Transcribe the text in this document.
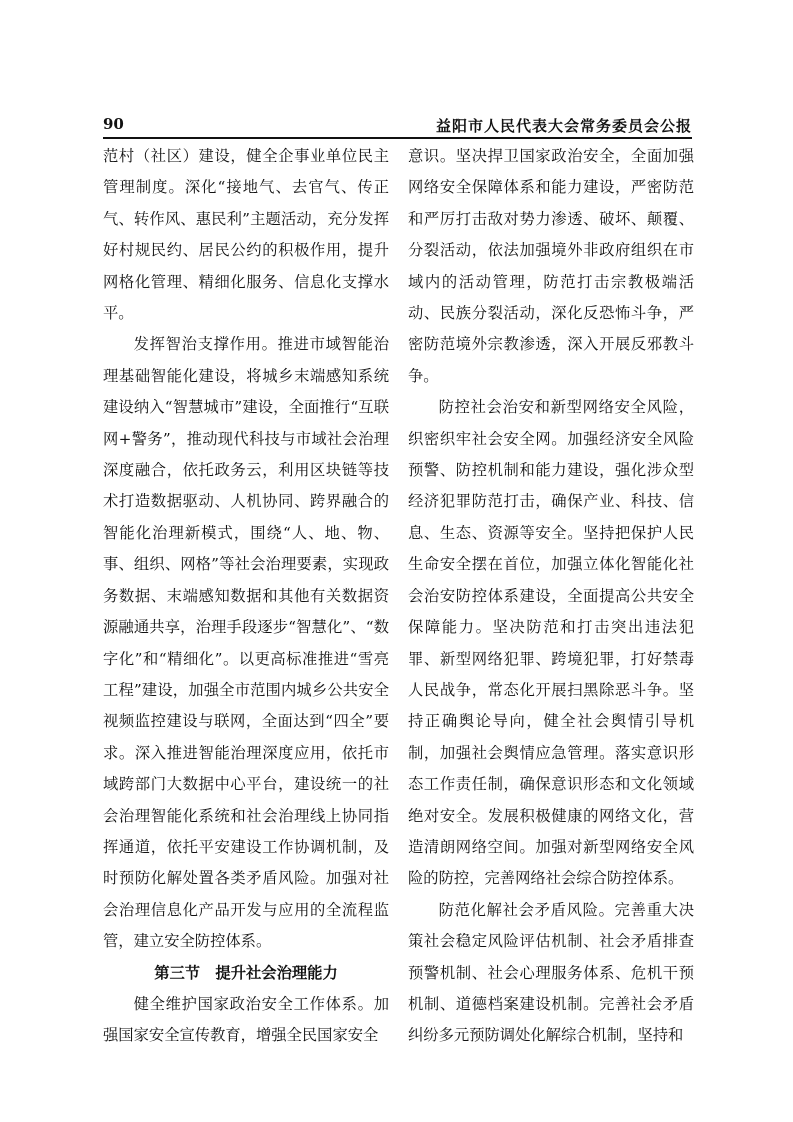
90	益阳市人民代表大会常务委员会公报

范村（社区）建设，健全企事业单位民主管理制度。深化“接地气、去官气、传正气、转作风、惠民利”主题活动，充分发挥好村规民约、居民公约的积极作用，提升网格化管理、精细化服务、信息化支撑水平。

发挥智治支撑作用。推进市域智能治理基础智能化建设，将城乡末端感知系统建设纳入“智慧城市”建设，全面推行“互联网+警务”，推动现代科技与市域社会治理深度融合，依托政务云，利用区块链等技术打造数据驱动、人机协同、跨界融合的智能化治理新模式，围绕“人、地、物、事、组织、网格”等社会治理要素，实现政务数据、末端感知数据和其他有关数据资源融通共享，治理手段逐步“智慧化”、“数字化”和“精细化”。以更高标准推进“雪亮工程”建设，加强全市范围内城乡公共安全视频监控建设与联网，全面达到“四全”要求。深入推进智能治理深度应用，依托市域跨部门大数据中心平台，建设统一的社会治理智能化系统和社会治理线上协同指挥通道，依托平安建设工作协调机制，及时预防化解处置各类矛盾风险。加强对社会治理信息化产品开发与应用的全流程监管，建立安全防控体系。

第三节　提升社会治理能力

健全维护国家政治安全工作体系。加强国家安全宣传教育，增强全民国家安全

意识。坚决捍卫国家政治安全，全面加强网络安全保障体系和能力建设，严密防范和严厉打击敌对势力渗透、破坏、颠覆、分裂活动，依法加强境外非政府组织在市域内的活动管理，防范打击宗教极端活动、民族分裂活动，深化反恐怖斗争，严密防范境外宗教渗透，深入开展反邪教斗争。

防控社会治安和新型网络安全风险，织密织牢社会安全网。加强经济安全风险预警、防控机制和能力建设，强化涉众型经济犯罪防范打击，确保产业、科技、信息、生态、资源等安全。坚持把保护人民生命安全摆在首位，加强立体化智能化社会治安防控体系建设，全面提高公共安全保障能力。坚决防范和打击突出违法犯罪、新型网络犯罪、跨境犯罪，打好禁毒人民战争，常态化开展扫黑除恶斗争。坚持正确舆论导向，健全社会舆情引导机制，加强社会舆情应急管理。落实意识形态工作责任制，确保意识形态和文化领域绝对安全。发展积极健康的网络文化，营造清朗网络空间。加强对新型网络安全风险的防控，完善网络社会综合防控体系。

防范化解社会矛盾风险。完善重大决策社会稳定风险评估机制、社会矛盾排查预警机制、社会心理服务体系、危机干预机制、道德档案建设机制。完善社会矛盾纠纷多元预防调处化解综合机制，坚持和
